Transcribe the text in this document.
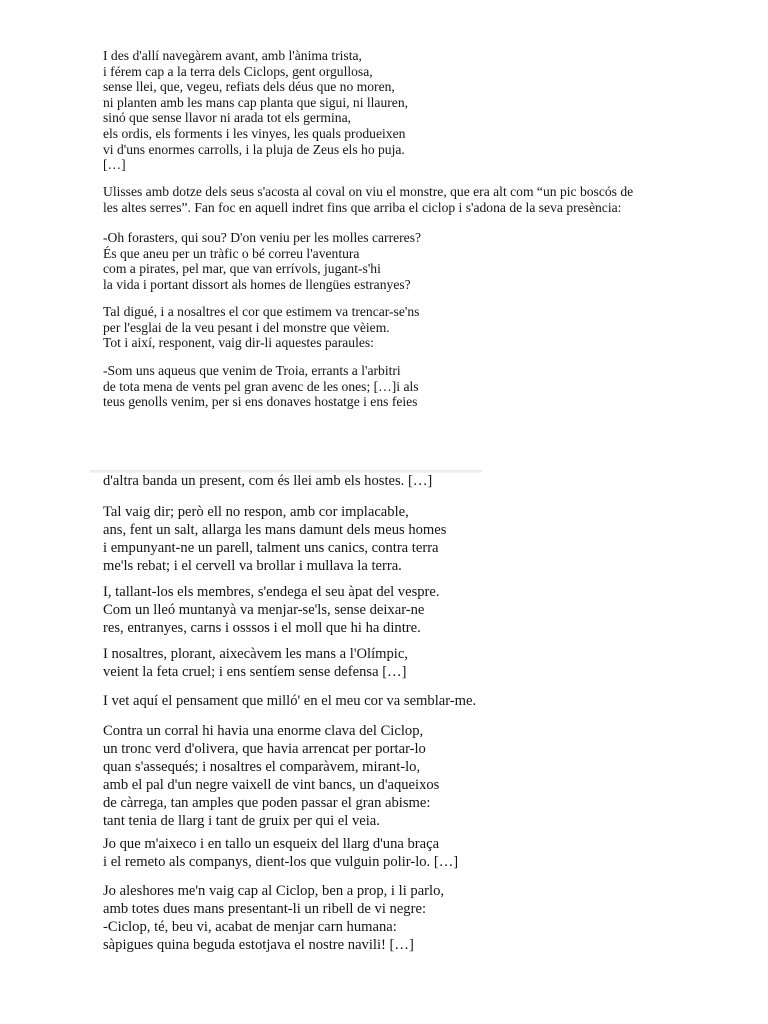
I des d'allí navegàrem avant, amb l'ànima trista,
i férem cap a la terra dels Ciclops, gent orgullosa,
sense llei, que, vegeu, refiats dels déus que no moren,
ni planten amb les mans cap planta que sigui, ni llauren,
sinó que sense llavor ni arada tot els germina,
els ordis, els forments i les vinyes, les quals produeixen
vi d'uns enormes carrolls, i la pluja de Zeus els ho puja.
[…]
Ulisses amb dotze dels seus s'acosta al coval on viu el monstre, que era alt com “un pic boscós de
les altes serres”. Fan foc en aquell indret fins que arriba el ciclop i s'adona de la seva presència:
-Oh forasters, qui sou? D'on veniu per les molles carreres?
És que aneu per un tràfic o bé correu l'aventura
com a pirates, pel mar, que van errívols, jugant-s'hi
la vida i portant dissort als homes de llengües estranyes?
Tal digué, i a nosaltres el cor que estimem va trencar-se'ns
per l'esglai de la veu pesant i del monstre que vèiem.
Tot i així, responent, vaig dir-li aquestes paraules:
-Som uns aqueus que venim de Troia, errants a l'arbitri
de tota mena de vents pel gran avenc de les ones; […]i als
teus genolls venim, per si ens donaves hostatge i ens feies
d'altra banda un present, com és llei amb els hostes. […]
Tal vaig dir; però ell no respon, amb cor implacable,
ans, fent un salt, allarga les mans damunt dels meus homes
i empunyant-ne un parell, talment uns canics, contra terra
me'ls rebat; i el cervell va brollar i mullava la terra.
I, tallant-los els membres, s'endega el seu àpat del vespre.
Com un lleó muntanyà va menjar-se'ls, sense deixar-ne
res, entranyes, carns i osssos i el moll que hi ha dintre.
I nosaltres, plorant, aixecàvem les mans a l'Olímpic,
veient la feta cruel; i ens sentíem sense defensa […]
I vet aquí el pensament que milló' en el meu cor va semblar-me.
Contra un corral hi havia una enorme clava del Ciclop,
un tronc verd d'olivera, que havia arrencat per portar-lo
quan s'assequés; i nosaltres el comparàvem, mirant-lo,
amb el pal d'un negre vaixell de vint bancs, un d'aqueixos
de càrrega, tan amples que poden passar el gran abisme:
tant tenia de llarg i tant de gruix per qui el veia.
Jo que m'aixeco i en tallo un esqueix del llarg d'una braça
i el remeto als companys, dient-los que vulguin polir-lo. […]
Jo aleshores me'n vaig cap al Ciclop, ben a prop, i li parlo,
amb totes dues mans presentant-li un ribell de vi negre:
-Ciclop, té, beu vi, acabat de menjar carn humana:
sàpigues quina beguda estotjava el nostre navili! […]
